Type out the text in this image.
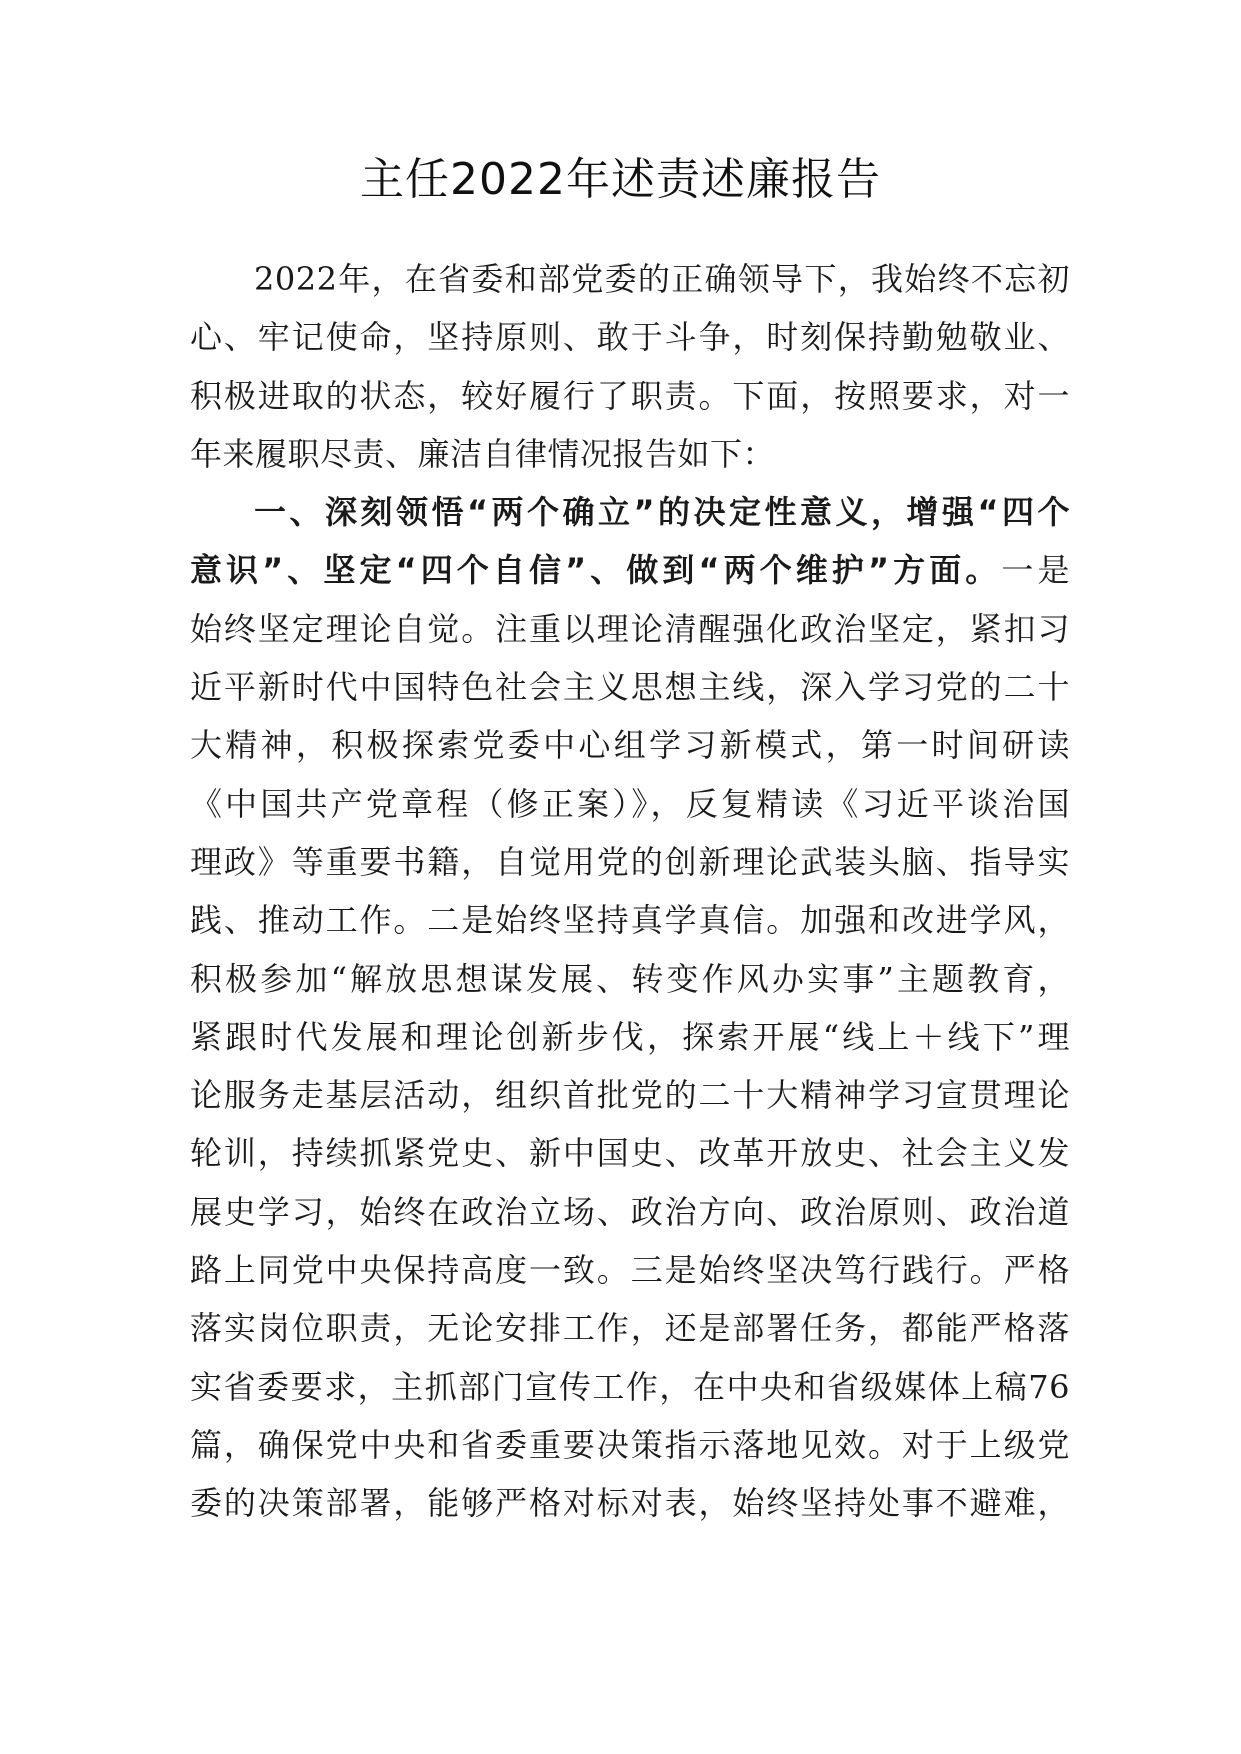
主任2022年述责述廉报告
2022年，在省委和部党委的正确领导下，我始终不忘初
心、牢记使命，坚持原则、敢于斗争，时刻保持勤勉敬业、
积极进取的状态，较好履行了职责。下面，按照要求，对一
年来履职尽责、廉洁自律情况报告如下：
一、深刻领悟“两个确立”的决定性意义，增强“四个
意识”、坚定“四个自信”、做到“两个维护”方面。一是
始终坚定理论自觉。注重以理论清醒强化政治坚定，紧扣习
近平新时代中国特色社会主义思想主线，深入学习党的二十
大精神，积极探索党委中心组学习新模式，第一时间研读
《中国共产党章程（修正案）》，反复精读《习近平谈治国
理政》等重要书籍，自觉用党的创新理论武装头脑、指导实
践、推动工作。二是始终坚持真学真信。加强和改进学风，
积极参加“解放思想谋发展、转变作风办实事”主题教育，
紧跟时代发展和理论创新步伐，探索开展“线上＋线下”理
论服务走基层活动，组织首批党的二十大精神学习宣贯理论
轮训，持续抓紧党史、新中国史、改革开放史、社会主义发
展史学习，始终在政治立场、政治方向、政治原则、政治道
路上同党中央保持高度一致。三是始终坚决笃行践行。严格
落实岗位职责，无论安排工作，还是部署任务，都能严格落
实省委要求，主抓部门宣传工作，在中央和省级媒体上稿76
篇，确保党中央和省委重要决策指示落地见效。对于上级党
委的决策部署，能够严格对标对表，始终坚持处事不避难，
